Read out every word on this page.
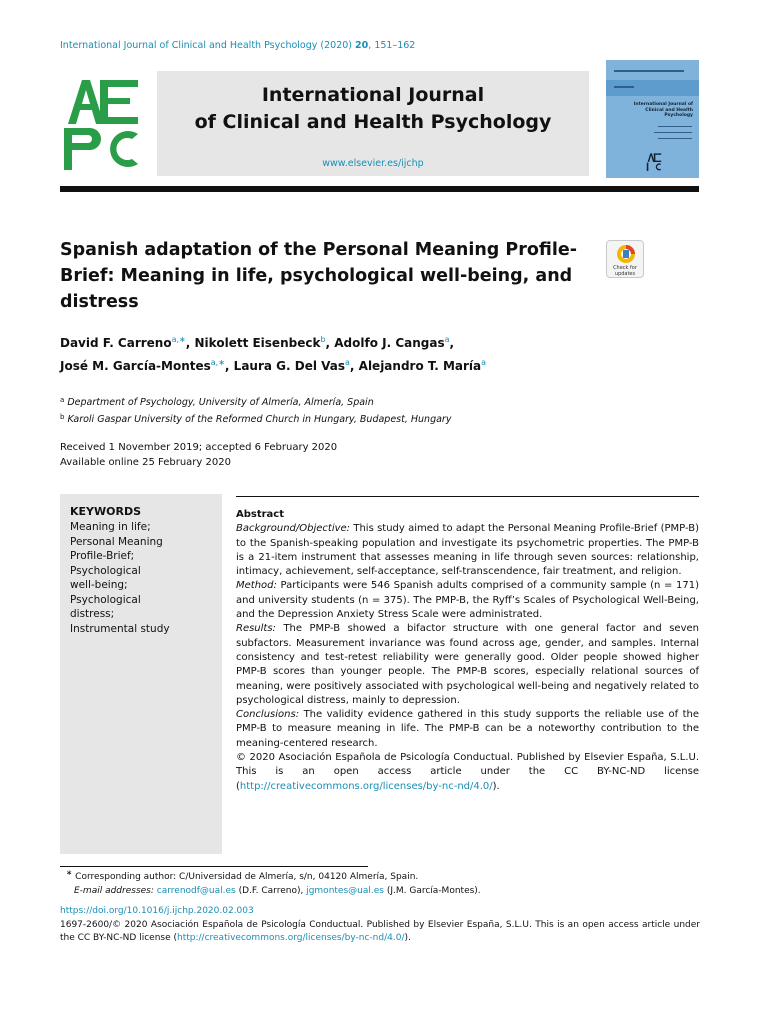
International Journal of Clinical and Health Psychology (2020) 20, 151–162
International Journal
of Clinical and Health Psychology
www.elsevier.es/ijchp
International Journal of Clinical and Health Psychology
Spanish adaptation of the Personal Meaning Profile-Brief: Meaning in life, psychological well-being, and distress
Check for updates
David F. Carreno$^{a,∗}$, Nikolett Eisenbeck$^b$, Adolfo J. Cangas$^a$,
José M. García-Montes$^{a,∗}$, Laura G. Del Vas$^a$, Alejandro T. María$^a$
$^a$ Department of Psychology, University of Almería, Almería, Spain
$^b$ Karoli Gaspar University of the Reformed Church in Hungary, Budapest, Hungary
Received 1 November 2019; accepted 6 February 2020
Available online 25 February 2020
KEYWORDS
Meaning in life;
Personal Meaning
Profile-Brief;
Psychological
well-being;
Psychological
distress;
Instrumental study
Abstract

Background/Objective: This study aimed to adapt the Personal Meaning Profile-Brief (PMP-B) to the Spanish-speaking population and investigate its psychometric properties. The PMP-B is a 21-item instrument that assesses meaning in life through seven sources: relationship, intimacy, achievement, self-acceptance, self-transcendence, fair treatment, and religion.

Method: Participants were 546 Spanish adults comprised of a community sample (n = 171) and university students (n = 375). The PMP-B, the Ryff’s Scales of Psychological Well-Being, and the Depression Anxiety Stress Scale were administrated.

Results: The PMP-B showed a bifactor structure with one general factor and seven subfactors. Measurement invariance was found across age, gender, and samples. Internal consistency and test-retest reliability were generally good. Older people showed higher PMP-B scores than younger people. The PMP-B scores, especially relational sources of meaning, were positively associated with psychological well-being and negatively related to psychological distress, mainly to depression.

Conclusions: The validity evidence gathered in this study supports the reliable use of the PMP-B to measure meaning in life. The PMP-B can be a noteworthy contribution to the meaning-centered research.

© 2020 Asociación Española de Psicología Conductual. Published by Elsevier España, S.L.U. This is an open access article under the CC BY-NC-ND license (http://creativecommons.org/licenses/by-nc-nd/4.0/).

∗ Corresponding author: C/Universidad de Almería, s/n, 04120 Almería, Spain.
E-mail addresses: carrenodf@ual.es (D.F. Carreno), jgmontes@ual.es (J.M. García-Montes).
https://doi.org/10.1016/j.ijchp.2020.02.003
1697-2600/© 2020 Asociación Española de Psicología Conductual. Published by Elsevier España, S.L.U. This is an open access article under the CC BY-NC-ND license (http://creativecommons.org/licenses/by-nc-nd/4.0/).
